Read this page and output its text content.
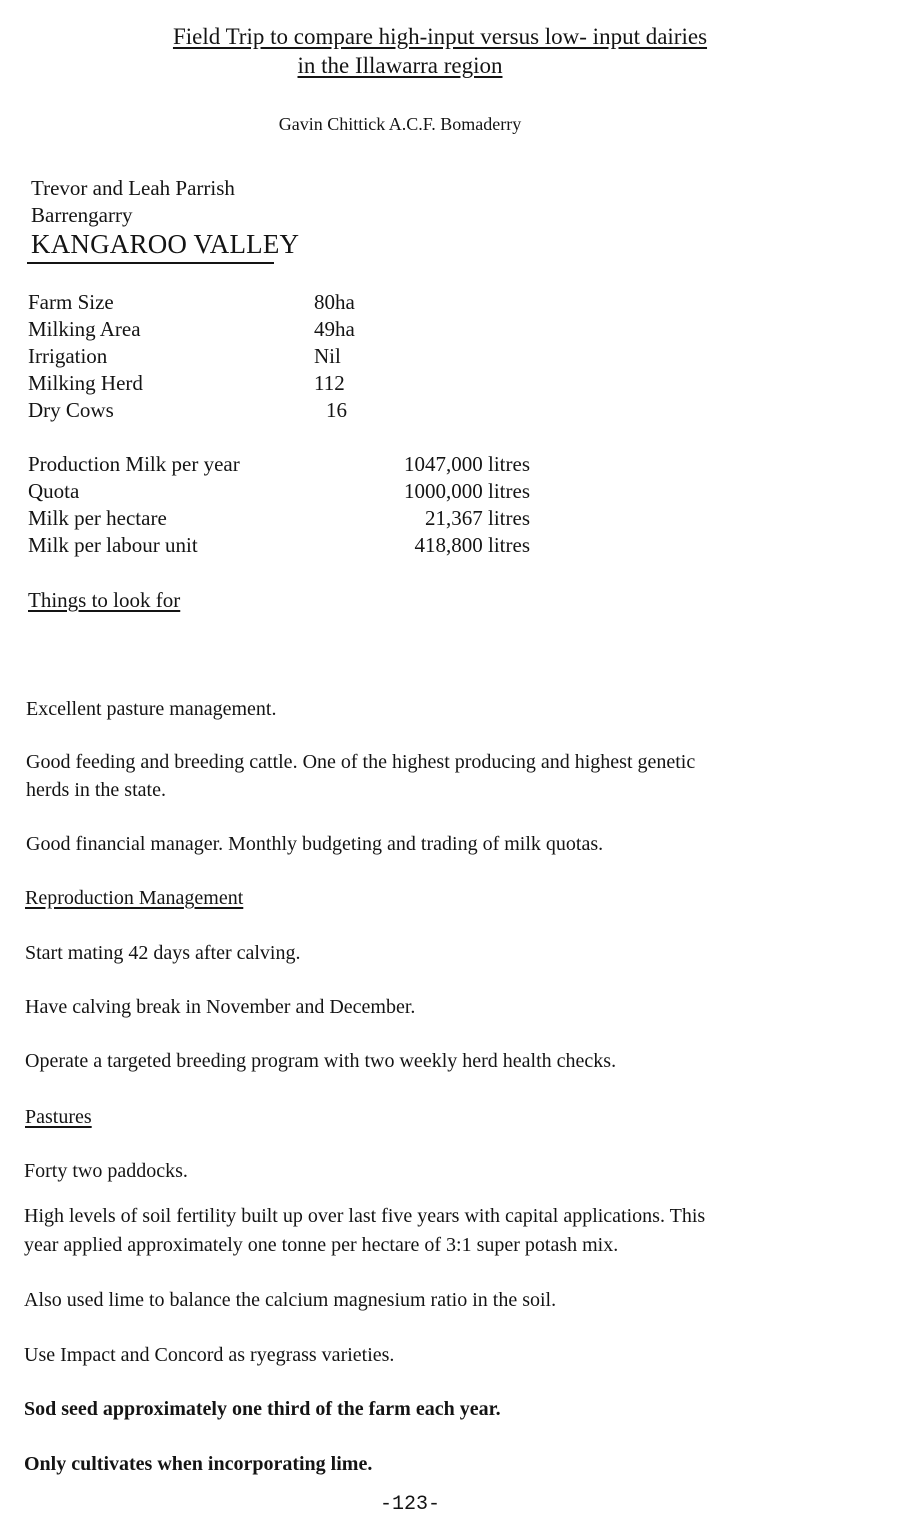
Field Trip to compare high-input versus low- input dairies
in the Illawarra region
Gavin Chittick A.C.F. Bomaderry
Trevor and Leah Parrish
Barrengarry
KANGAROO VALLEY
Farm Size	80ha
Milking Area	49ha
Irrigation	Nil
Milking Herd	112
Dry Cows	16
Production Milk per year	1047,000 litres
Quota	1000,000 litres
Milk per hectare	21,367 litres
Milk per labour unit	418,800 litres
Things to look for
Excellent pasture management.
Good feeding and breeding cattle. One of the highest producing and highest genetic
herds in the state.
Good financial manager. Monthly budgeting and trading of milk quotas.
Reproduction Management
Start mating 42 days after calving.
Have calving break in November and December.
Operate a targeted breeding program with two weekly herd health checks.
Pastures
Forty two paddocks.
High levels of soil fertility built up over last five years with capital applications. This
year applied approximately one tonne per hectare of 3:1 super potash mix.
Also used lime to balance the calcium magnesium ratio in the soil.
Use Impact and Concord as ryegrass varieties.
Sod seed approximately one third of the farm each year.
Only cultivates when incorporating lime.
-123-
